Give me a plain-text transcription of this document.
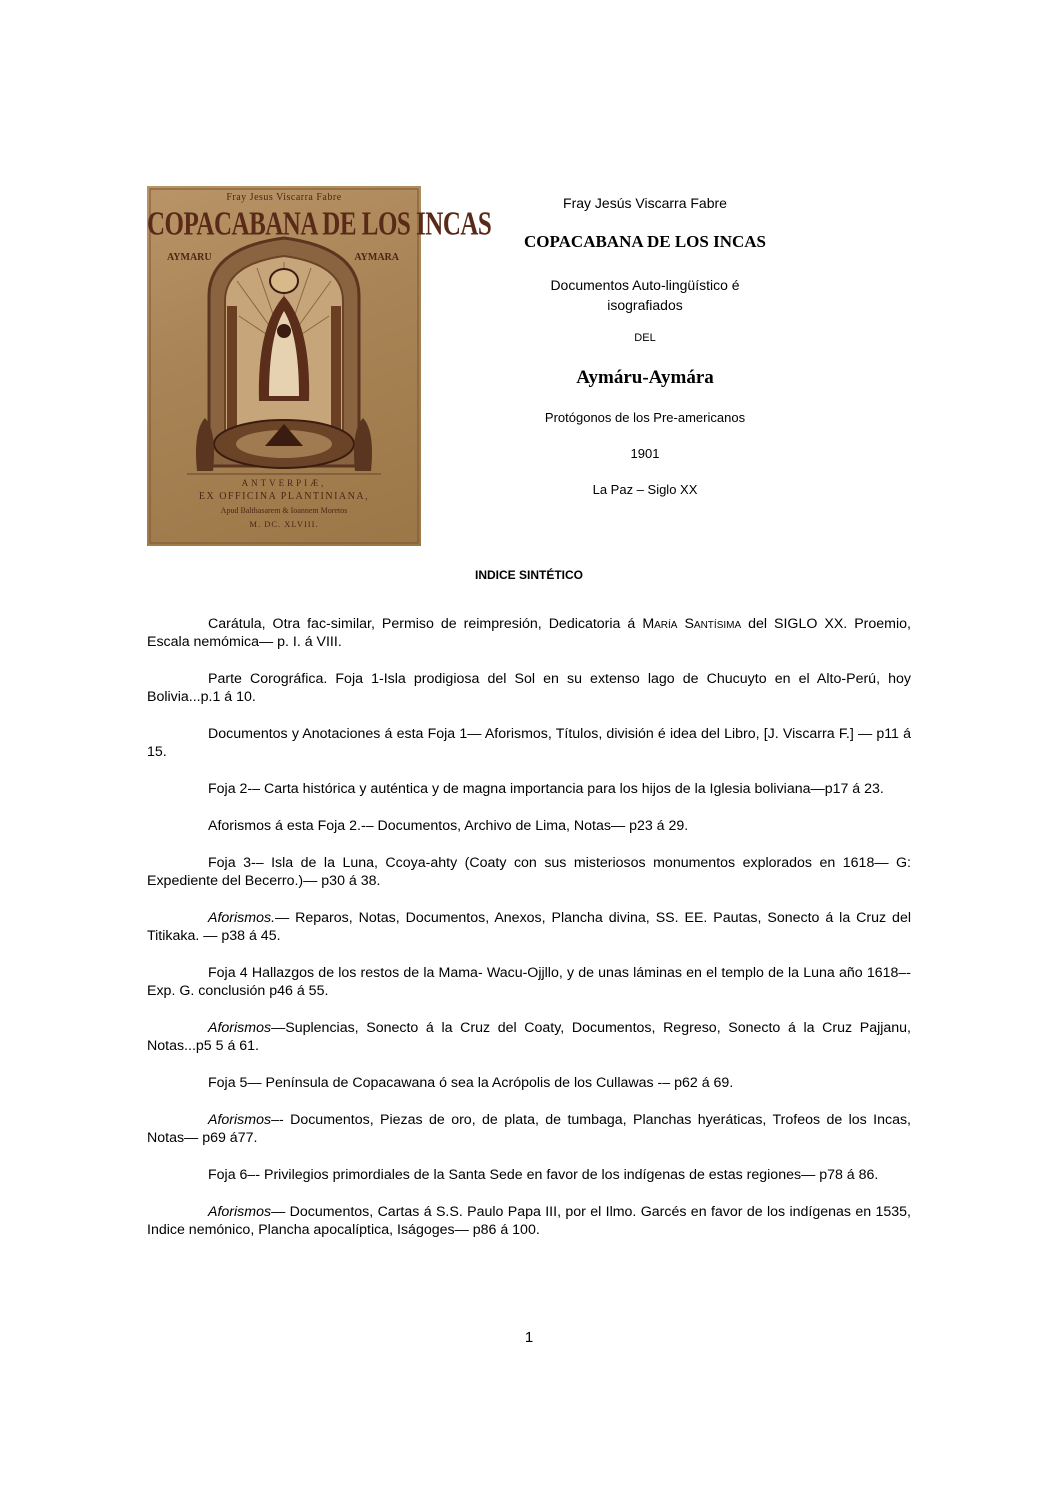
Fray Jesus Viscarra Fabre
COPACABANA DE LOS INCAS
AYMARU	AYMARA
ANTVERPIÆ,
EX OFFICINA PLANTINIANA,
Apud Balthasarem & Ioannem Moretos
M. DC. XLVIII.
Fray Jesús Viscarra Fabre
COPACABANA DE LOS INCAS
Documentos Auto-lingüístico é
isografiados
DEL
Aymáru-Aymára
Protógonos de los Pre-americanos
1901
La Paz – Siglo XX
INDICE SINTÉTICO

Carátula, Otra fac-similar, Permiso de reimpresión, Dedicatoria á María Santísima del SIGLO XX. Proemio, Escala nemómica— p. I. á VIII.

Parte Corográfica. Foja 1-Isla prodigiosa del Sol en su extenso lago de Chucuyto en el Alto-Perú, hoy Bolivia...p.1 á 10.

Documentos y Anotaciones á esta Foja 1— Aforismos, Títulos, división é idea del Libro, [J. Viscarra F.] — p11 á 15.

Foja 2-– Carta histórica y auténtica y de magna importancia para los hijos de la Iglesia boliviana—p17 á 23.

Aforismos á esta Foja 2.-– Documentos, Archivo de Lima, Notas— p23 á 29.

Foja 3-– Isla de la Luna, Ccoya-ahty (Coaty con sus misteriosos monumentos explorados en 1618— G: Expediente del Becerro.)— p30 á 38.

Aforismos.— Reparos, Notas, Documentos, Anexos, Plancha divina, SS. EE. Pautas, Sonecto á la Cruz del Titikaka. — p38 á 45.

Foja 4 Hallazgos de los restos de la Mama- Wacu-Ojjllo, y de unas láminas en el templo de la Luna año 1618–- Exp. G. conclusión p46 á 55.

Aforismos—Suplencias, Sonecto á la Cruz del Coaty, Documentos, Regreso, Sonecto á la Cruz Pajjanu, Notas...p5 5 á 61.

Foja 5— Península de Copacawana ó sea la Acrópolis de los Cullawas -– p62 á 69.

Aforismos–- Documentos, Piezas de oro, de plata, de tumbaga, Planchas hyeráticas, Trofeos de los Incas, Notas— p69 á77.

Foja 6–- Privilegios primordiales de la Santa Sede en favor de los indígenas de estas regiones— p78 á 86.

Aforismos— Documentos, Cartas á S.S. Paulo Papa III, por el Ilmo. Garcés en favor de los indígenas en 1535, Indice nemónico, Plancha apocalíptica, Iságoges— p86 á 100.

1
